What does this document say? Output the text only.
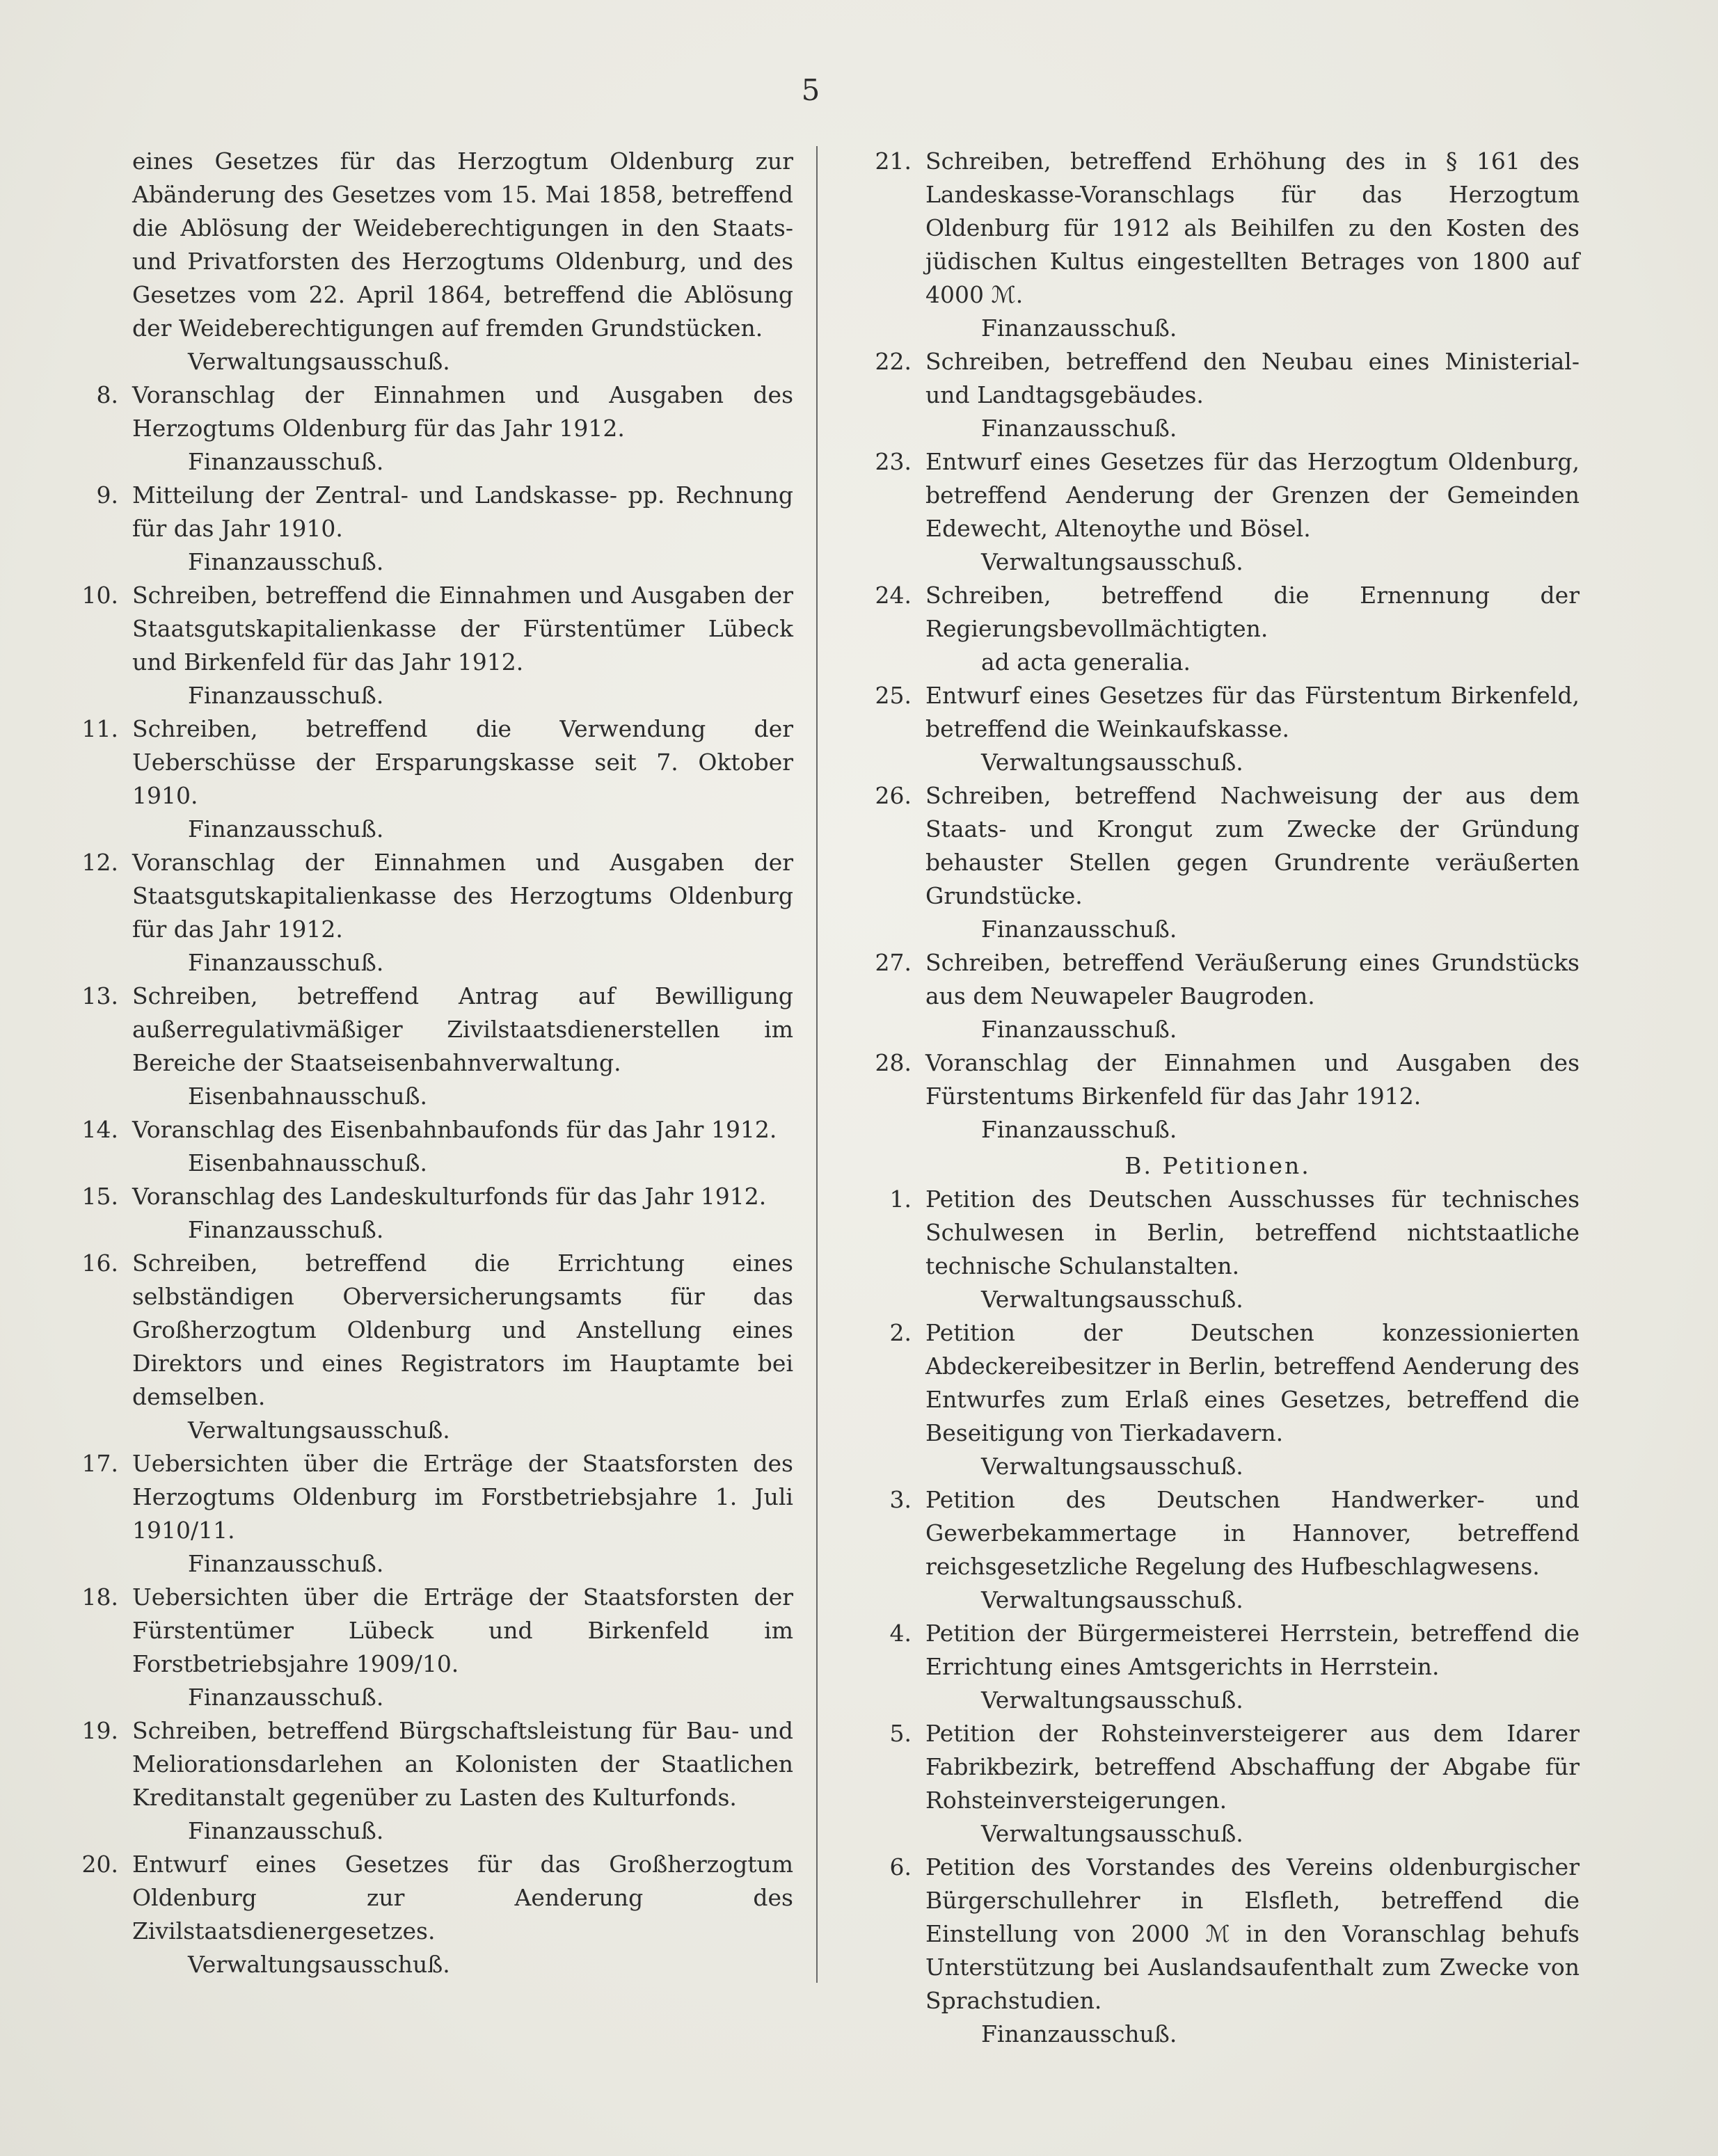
5
eines Gesetzes für das Herzogtum Oldenburg zur Abänderung des Gesetzes vom 15. Mai 1858, betreffend die Ablösung der Weideberechtigungen in den Staats- und Privatforsten des Herzogtums Oldenburg, und des Gesetzes vom 22. April 1864, betreffend die Ablösung der Weideberechtigungen auf fremden Grundstücken.
Verwaltungsausschuß.
8. Voranschlag der Einnahmen und Ausgaben des Herzogtums Oldenburg für das Jahr 1912.
Finanzausschuß.
9. Mitteilung der Zentral- und Landskasse- pp. Rechnung für das Jahr 1910.
Finanzausschuß.
10. Schreiben, betreffend die Einnahmen und Ausgaben der Staatsgutskapitalienkasse der Fürstentümer Lübeck und Birkenfeld für das Jahr 1912.
Finanzausschuß.
11. Schreiben, betreffend die Verwendung der Ueberschüsse der Ersparungskasse seit 7. Oktober 1910.
Finanzausschuß.
12. Voranschlag der Einnahmen und Ausgaben der Staatsgutskapitalienkasse des Herzogtums Oldenburg für das Jahr 1912.
Finanzausschuß.
13. Schreiben, betreffend Antrag auf Bewilligung außerregulativmäßiger Zivilstaatsdienerstellen im Bereiche der Staatseisenbahnverwaltung.
Eisenbahnausschuß.
14. Voranschlag des Eisenbahnbaufonds für das Jahr 1912.
Eisenbahnausschuß.
15. Voranschlag des Landeskulturfonds für das Jahr 1912.
Finanzausschuß.
16. Schreiben, betreffend die Errichtung eines selbständigen Oberversicherungsamts für das Großherzogtum Oldenburg und Anstellung eines Direktors und eines Registrators im Hauptamte bei demselben.
Verwaltungsausschuß.
17. Uebersichten über die Erträge der Staatsforsten des Herzogtums Oldenburg im Forstbetriebsjahre 1. Juli 1910/11.
Finanzausschuß.
18. Uebersichten über die Erträge der Staatsforsten der Fürstentümer Lübeck und Birkenfeld im Forstbetriebsjahre 1909/10.
Finanzausschuß.
19. Schreiben, betreffend Bürgschaftsleistung für Bau- und Meliorationsdarlehen an Kolonisten der Staatlichen Kreditanstalt gegenüber zu Lasten des Kulturfonds.
Finanzausschuß.
20. Entwurf eines Gesetzes für das Großherzogtum Oldenburg zur Aenderung des Zivilstaatsdienergesetzes.
Verwaltungsausschuß.
21. Schreiben, betreffend Erhöhung des in § 161 des Landeskasse-Voranschlags für das Herzogtum Oldenburg für 1912 als Beihilfen zu den Kosten des jüdischen Kultus eingestellten Betrages von 1800 auf 4000 ℳ.
Finanzausschuß.
22. Schreiben, betreffend den Neubau eines Ministerial- und Landtagsgebäudes.
Finanzausschuß.
23. Entwurf eines Gesetzes für das Herzogtum Oldenburg, betreffend Aenderung der Grenzen der Gemeinden Edewecht, Altenoythe und Bösel.
Verwaltungsausschuß.
24. Schreiben, betreffend die Ernennung der Regierungsbevollmächtigten.
ad acta generalia.
25. Entwurf eines Gesetzes für das Fürstentum Birkenfeld, betreffend die Weinkaufskasse.
Verwaltungsausschuß.
26. Schreiben, betreffend Nachweisung der aus dem Staats- und Krongut zum Zwecke der Gründung behauster Stellen gegen Grundrente veräußerten Grundstücke.
Finanzausschuß.
27. Schreiben, betreffend Veräußerung eines Grundstücks aus dem Neuwapeler Baugroden.
Finanzausschuß.
28. Voranschlag der Einnahmen und Ausgaben des Fürstentums Birkenfeld für das Jahr 1912.
Finanzausschuß.
B. Petitionen.
1. Petition des Deutschen Ausschusses für technisches Schulwesen in Berlin, betreffend nichtstaatliche technische Schulanstalten.
Verwaltungsausschuß.
2. Petition der Deutschen konzessionierten Abdeckereibesitzer in Berlin, betreffend Aenderung des Entwurfes zum Erlaß eines Gesetzes, betreffend die Beseitigung von Tierkadavern.
Verwaltungsausschuß.
3. Petition des Deutschen Handwerker- und Gewerbekammertage in Hannover, betreffend reichsgesetzliche Regelung des Hufbeschlagwesens.
Verwaltungsausschuß.
4. Petition der Bürgermeisterei Herrstein, betreffend die Errichtung eines Amtsgerichts in Herrstein.
Verwaltungsausschuß.
5. Petition der Rohsteinversteigerer aus dem Idarer Fabrikbezirk, betreffend Abschaffung der Abgabe für Rohsteinversteigerungen.
Verwaltungsausschuß.
6. Petition des Vorstandes des Vereins oldenburgischer Bürgerschullehrer in Elsfleth, betreffend die Einstellung von 2000 ℳ in den Voranschlag behufs Unterstützung bei Auslandsaufenthalt zum Zwecke von Sprachstudien.
Finanzausschuß.
